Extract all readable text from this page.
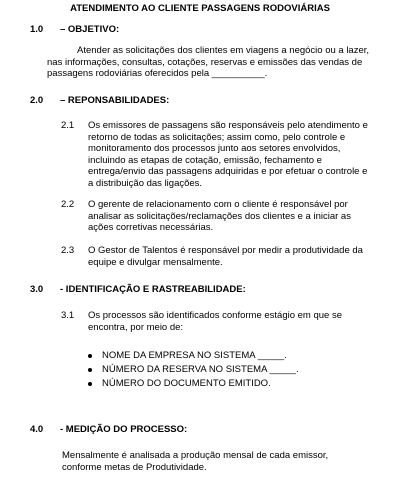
ATENDIMENTO AO CLIENTE PASSAGENS RODOVIÁRIAS
1.0 – OBJETIVO:
Atender as solicitações dos clientes em viagens a negócio ou a lazer,
nas informações, consultas, cotações, reservas e emissões das vendas de
passagens rodoviárias oferecidos pela __________.
2.0 – REPONSABILIDADES:
2.1 Os emissores de passagens são responsáveis pelo atendimento e
retorno de todas as solicitações; assim como, pelo controle e
monitoramento dos processos junto aos setores envolvidos,
incluindo as etapas de cotação, emissão, fechamento e
entrega/envio das passagens adquiridas e por efetuar o controle e
a distribuição das ligações.
2.2 O gerente de relacionamento com o cliente é responsável por
analisar as solicitações/reclamações dos clientes e a iniciar as
ações corretivas necessárias.
2.3 O Gestor de Talentos é responsável por medir a produtividade da
equipe e divulgar mensalmente.
3.0 - IDENTIFICAÇÃO E RASTREABILIDADE:
3.1 Os processos são identificados conforme estágio em que se
encontra, por meio de:
NOME DA EMPRESA NO SISTEMA _____.
NÚMERO DA RESERVA NO SISTEMA _____.
NÚMERO DO DOCUMENTO EMITIDO.
4.0 - MEDIÇÃO DO PROCESSO:
Mensalmente é analisada a produção mensal de cada emissor,
conforme metas de Produtividade.
